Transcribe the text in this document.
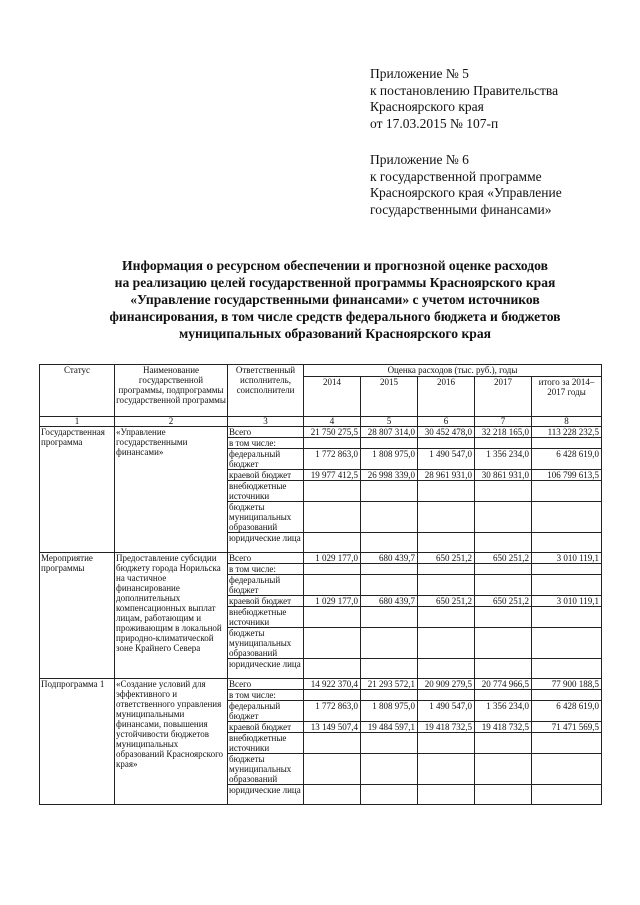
Приложение № 5
к постановлению Правительства
Красноярского края
от 17.03.2015 № 107-п
Приложение № 6
к государственной программе
Красноярского края «Управление
государственными финансами»
Информация о ресурсном обеспечении и прогнозной оценке расходов
на реализацию целей государственной программы Красноярского края
«Управление государственными финансами» с учетом источников
финансирования, в том числе средств федерального бюджета и бюджетов
муниципальных образований Красноярского края
Статус	Наименование государственной программы, подпрограммы государственной программы	Ответственный исполнитель, соисполнители	Оценка расходов (тыс. руб.), годы				
			2014	2015	2016	2017	итого за 2014–2017 годы
1	2	3	4	5	6	7	8
Государственная программа	«Управление государственными финансами»	Всего	21 750 275,5	28 807 314,0	30 452 478,0	32 218 165,0	113 228 232,5
		в том числе:					
		федеральный бюджет	1 772 863,0	1 808 975,0	1 490 547,0	1 356 234,0	6 428 619,0
		краевой бюджет	19 977 412,5	26 998 339,0	28 961 931,0	30 861 931,0	106 799 613,5
		внебюджетные источники					
		бюджеты муниципальных образований					
		юридические лица					
Мероприятие программы	Предоставление субсидии бюджету города Норильска на частичное финансирование дополнительных компенсационных выплат лицам, работающим и проживающим в локальной природно-климатической зоне Крайнего Севера	Всего	1 029 177,0	680 439,7	650 251,2	650 251,2	3 010 119,1
		в том числе:					
		федеральный бюджет					
		краевой бюджет	1 029 177,0	680 439,7	650 251,2	650 251,2	3 010 119,1
		внебюджетные источники					
		бюджеты муниципальных образований					
		юридические лица					
Подпрограмма 1	«Создание условий для эффективного и ответственного управления муниципальными финансами, повышения устойчивости бюджетов муниципальных образований Красноярского края»	Всего	14 922 370,4	21 293 572,1	20 909 279,5	20 774 966,5	77 900 188,5
		в том числе:					
		федеральный бюджет	1 772 863,0	1 808 975,0	1 490 547,0	1 356 234,0	6 428 619,0
		краевой бюджет	13 149 507,4	19 484 597,1	19 418 732,5	19 418 732,5	71 471 569,5
		внебюджетные источники					
		бюджеты муниципальных образований					
		юридические лица					
